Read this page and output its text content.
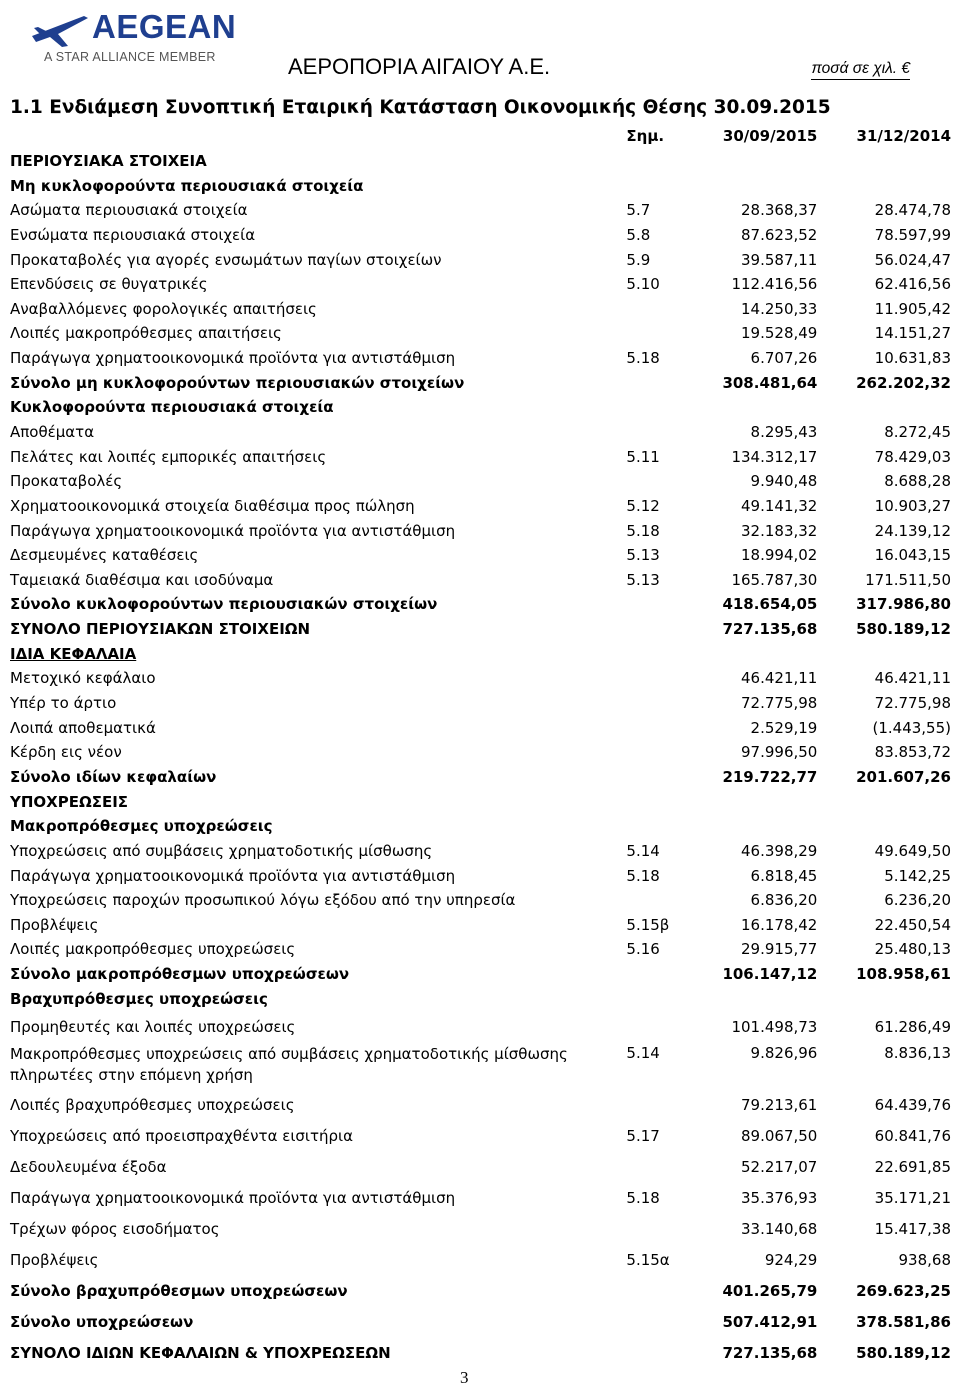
AEGEAN
A STAR ALLIANCE MEMBER	ΑΕΡΟΠΟΡΙΑ ΑΙΓΑΙΟΥ Α.Ε.	ποσά σε χιλ. €
1.1 Ενδιάμεση Συνοπτική Εταιρική Κατάσταση Οικονομικής Θέσης 30.09.2015
Σημ.	30/09/2015	31/12/2014
ΠΕΡΙΟΥΣΙΑΚΑ ΣΤΟΙΧΕΙΑ
Μη κυκλοφορούντα περιουσιακά στοιχεία
Ασώματα περιουσιακά στοιχεία	5.7	28.368,37	28.474,78
Ενσώματα περιουσιακά στοιχεία	5.8	87.623,52	78.597,99
Προκαταβολές για αγορές ενσωμάτων παγίων στοιχείων	5.9	39.587,11	56.024,47
Επενδύσεις σε θυγατρικές	5.10	112.416,56	62.416,56
Αναβαλλόμενες φορολογικές απαιτήσεις	14.250,33	11.905,42
Λοιπές μακροπρόθεσμες απαιτήσεις	19.528,49	14.151,27
Παράγωγα χρηματοοικονομικά προϊόντα για αντιστάθμιση	5.18	6.707,26	10.631,83
Σύνολο μη κυκλοφορούντων περιουσιακών στοιχείων	308.481,64	262.202,32
Κυκλοφορούντα περιουσιακά στοιχεία
Αποθέματα	8.295,43	8.272,45
Πελάτες και λοιπές εμπορικές απαιτήσεις	5.11	134.312,17	78.429,03
Προκαταβολές	9.940,48	8.688,28
Χρηματοοικονομικά στοιχεία διαθέσιμα προς πώληση	5.12	49.141,32	10.903,27
Παράγωγα χρηματοοικονομικά προϊόντα για αντιστάθμιση	5.18	32.183,32	24.139,12
Δεσμευμένες καταθέσεις	5.13	18.994,02	16.043,15
Ταμειακά διαθέσιμα και ισοδύναμα	5.13	165.787,30	171.511,50
Σύνολο κυκλοφορούντων περιουσιακών στοιχείων	418.654,05	317.986,80
ΣΥΝΟΛΟ ΠΕΡΙΟΥΣΙΑΚΩΝ ΣΤΟΙΧΕΙΩΝ	727.135,68	580.189,12
ΙΔΙΑ ΚΕΦΑΛΑΙΑ
Μετοχικό κεφάλαιο	46.421,11	46.421,11
Υπέρ το άρτιο	72.775,98	72.775,98
Λοιπά αποθεματικά	2.529,19	(1.443,55)
Κέρδη εις νέον	97.996,50	83.853,72
Σύνολο ιδίων κεφαλαίων	219.722,77	201.607,26
ΥΠΟΧΡΕΩΣΕΙΣ
Μακροπρόθεσμες υποχρεώσεις
Υποχρεώσεις από συμβάσεις χρηματοδοτικής μίσθωσης	5.14	46.398,29	49.649,50
Παράγωγα χρηματοοικονομικά προϊόντα για αντιστάθμιση	5.18	6.818,45	5.142,25
Υποχρεώσεις παροχών προσωπικού λόγω εξόδου από την υπηρεσία	6.836,20	6.236,20
Προβλέψεις	5.15β	16.178,42	22.450,54
Λοιπές μακροπρόθεσμες υποχρεώσεις	5.16	29.915,77	25.480,13
Σύνολο μακροπρόθεσμων υποχρεώσεων	106.147,12	108.958,61
Βραχυπρόθεσμες υποχρεώσεις
Προμηθευτές και λοιπές υποχρεώσεις	101.498,73	61.286,49
Μακροπρόθεσμες υποχρεώσεις από συμβάσεις χρηματοδοτικής μίσθωσης πληρωτέες στην επόμενη χρήση
5.14	9.826,96	8.836,13
Λοιπές βραχυπρόθεσμες υποχρεώσεις	79.213,61	64.439,76
Υποχρεώσεις από προεισπραχθέντα εισιτήρια	5.17	89.067,50	60.841,76
Δεδουλευμένα έξοδα	52.217,07	22.691,85
Παράγωγα χρηματοοικονομικά προϊόντα για αντιστάθμιση	5.18	35.376,93	35.171,21
Τρέχων φόρος εισοδήματος	33.140,68	15.417,38
Προβλέψεις	5.15α	924,29	938,68
Σύνολο βραχυπρόθεσμων υποχρεώσεων	401.265,79	269.623,25
Σύνολο υποχρεώσεων	507.412,91	378.581,86
ΣΥΝΟΛΟ ΙΔΙΩΝ ΚΕΦΑΛΑΙΩΝ & ΥΠΟΧΡΕΩΣΕΩΝ	727.135,68	580.189,12
3
